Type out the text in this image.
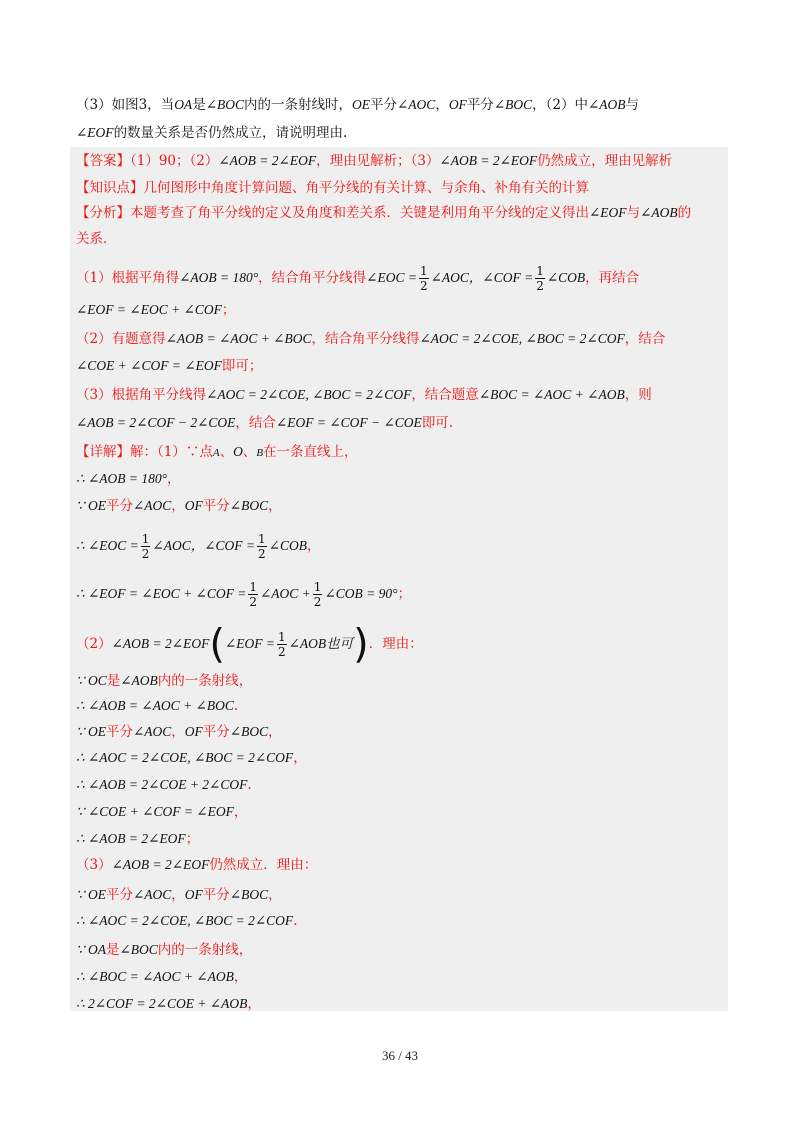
（3）如图3，当OA是∠BOC内的一条射线时，OE平分∠AOC，OF平分∠BOC，（2）中∠AOB与
∠EOF的数量关系是否仍然成立，请说明理由.
【答案】（1）90；（2）∠AOB = 2∠EOF，理由见解析；（3）∠AOB = 2∠EOF仍然成立，理由见解析
【知识点】几何图形中角度计算问题、角平分线的有关计算、与余角、补角有关的计算
【分析】本题考查了角平分线的定义及角度和差关系．关键是利用角平分线的定义得出∠EOF与∠AOB的
关系．
（1）根据平角得∠AOB = 180°，结合角平分线得∠EOC = $\frac{1}{2}$ ∠AOC，∠COF = $\frac{1}{2}$ ∠COB，再结合
∠EOF = ∠EOC + ∠COF；
（2）有题意得∠AOB = ∠AOC + ∠BOC，结合角平分线得∠AOC = 2∠COE, ∠BOC = 2∠COF，结合
∠COE + ∠COF = ∠EOF即可；
（3）根据角平分线得∠AOC = 2∠COE, ∠BOC = 2∠COF，结合题意∠BOC = ∠AOC + ∠AOB，则
∠AOB = 2∠COF − 2∠COE，结合∠EOF = ∠COF − ∠COE即可.
【详解】解：（1）∵点A、O、B在一条直线上，
∴ ∠AOB = 180°，
∵ OE平分∠AOC，OF平分∠BOC，
∴ ∠EOC = $\frac{1}{2}$ ∠AOC，∠COF = $\frac{1}{2}$ ∠COB，
∴ ∠EOF = ∠EOC + ∠COF = $\frac{1}{2}$ ∠AOC + $\frac{1}{2}$ ∠COB = 90°；
（2）∠AOB = 2∠EOF(∠EOF = $\frac{1}{2}$ ∠AOB也可)．理由：
∵ OC是∠AOB内的一条射线，
∴ ∠AOB = ∠AOC + ∠BOC.
∵ OE平分∠AOC，OF平分∠BOC，
∴ ∠AOC = 2∠COE, ∠BOC = 2∠COF，
∴ ∠AOB = 2∠COE + 2∠COF.
∵ ∠COE + ∠COF = ∠EOF，
∴ ∠AOB = 2∠EOF；
（3）∠AOB = 2∠EOF仍然成立．理由：
∵ OE平分∠AOC，OF平分∠BOC，
∴ ∠AOC = 2∠COE, ∠BOC = 2∠COF.
∵ OA是∠BOC内的一条射线，
∴ ∠BOC = ∠AOC + ∠AOB，
∴ 2∠COF = 2∠COE + ∠AOB，
36 / 43
